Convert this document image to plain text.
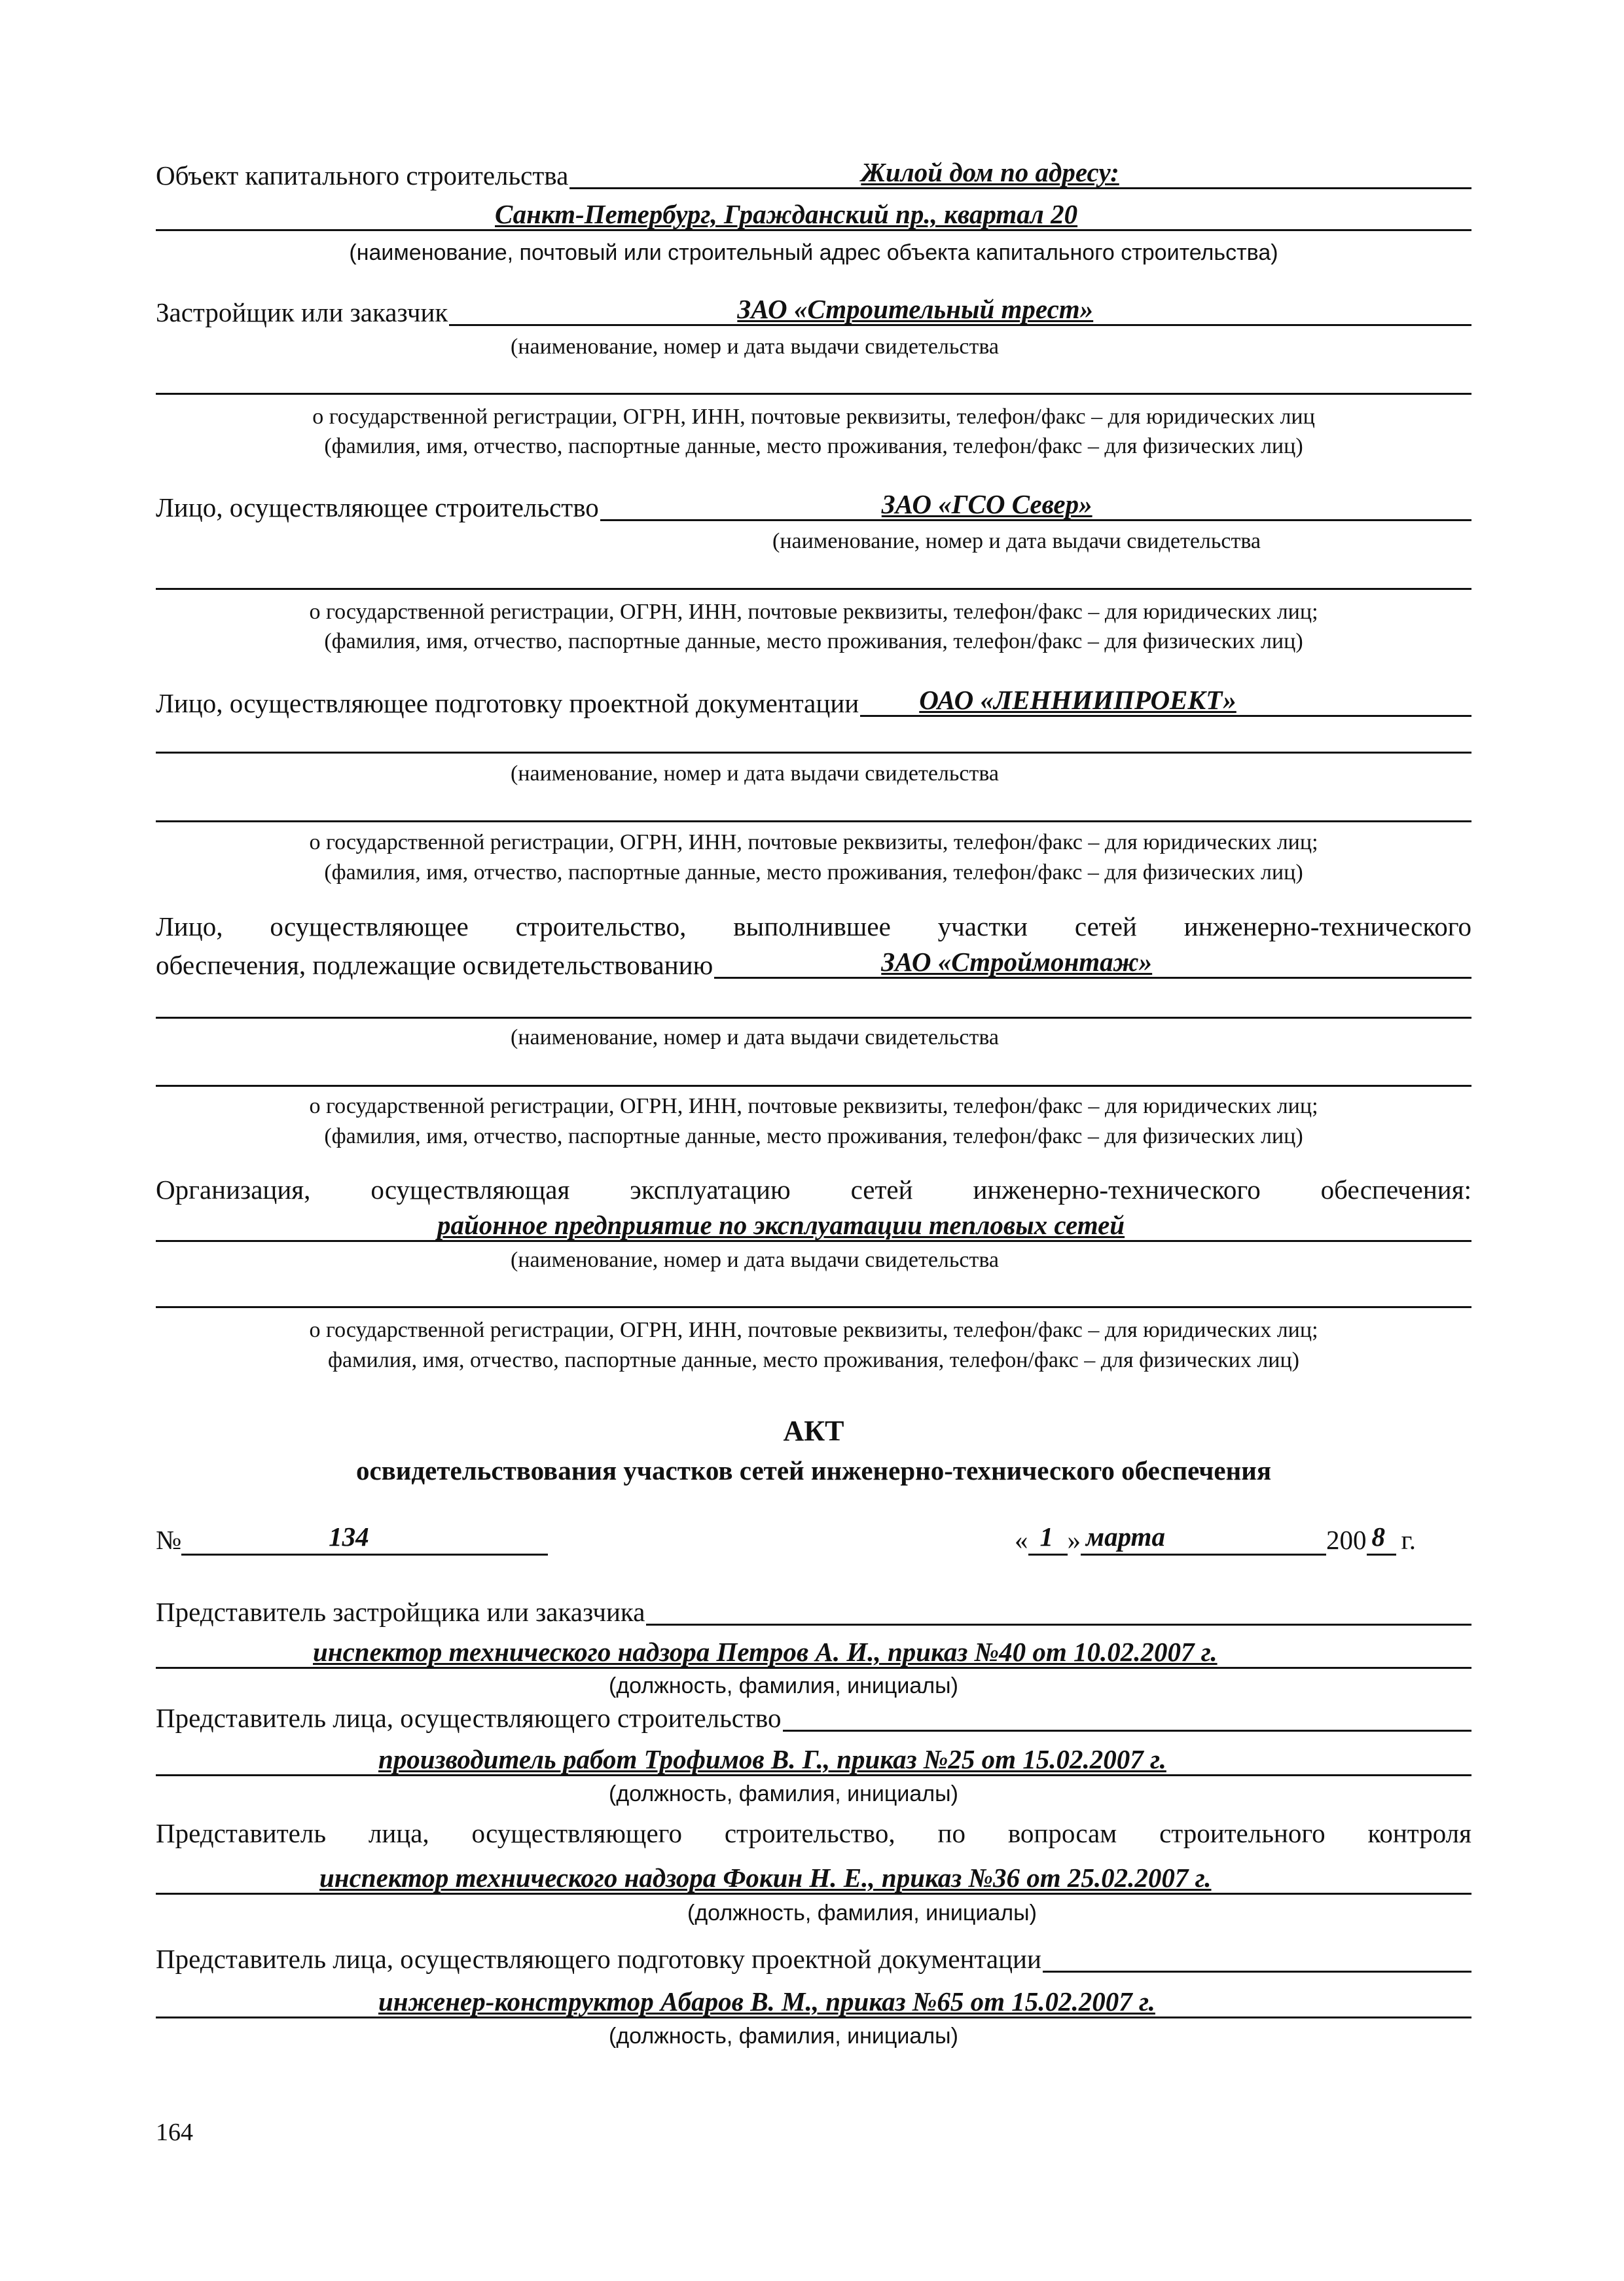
Объект капитального строительства	Жилой дом по адресу:
Санкт-Петербург, Гражданский пр., квартал 20
(наименование, почтовый или строительный адрес объекта капитального строительства)
Застройщик или заказчик	ЗАО «Строительный трест»
(наименование, номер и дата выдачи свидетельства
о государственной регистрации, ОГРН, ИНН, почтовые реквизиты, телефон/факс – для юридических лиц
(фамилия, имя, отчество, паспортные данные, место проживания, телефон/факс – для физических лиц)
Лицо, осуществляющее строительство	ЗАО «ГСО Север»
(наименование, номер и дата выдачи свидетельства
о государственной регистрации, ОГРН, ИНН, почтовые реквизиты, телефон/факс – для юридических лиц;
(фамилия, имя, отчество, паспортные данные, место проживания, телефон/факс – для физических лиц)
Лицо, осуществляющее подготовку проектной документации ОАО «ЛЕННИИПРОЕКТ»
(наименование, номер и дата выдачи свидетельства
о государственной регистрации, ОГРН, ИНН, почтовые реквизиты, телефон/факс – для юридических лиц;
(фамилия, имя, отчество, паспортные данные, место проживания, телефон/факс – для физических лиц)
Лицо, осуществляющее строительство, выполнившее участки сетей инженерно-технического
обеспечения, подлежащие освидетельствованию	ЗАО «Строймонтаж»
(наименование, номер и дата выдачи свидетельства
о государственной регистрации, ОГРН, ИНН, почтовые реквизиты, телефон/факс – для юридических лиц;
(фамилия, имя, отчество, паспортные данные, место проживания, телефон/факс – для физических лиц)
Организация, осуществляющая эксплуатацию сетей инженерно-технического обеспечения:
районное предприятие по эксплуатации тепловых сетей
(наименование, номер и дата выдачи свидетельства
о государственной регистрации, ОГРН, ИНН, почтовые реквизиты, телефон/факс – для юридических лиц;
фамилия, имя, отчество, паспортные данные, место проживания, телефон/факс – для физических лиц)
АКТ
освидетельствования участков сетей инженерно-технического обеспечения
№	134	« 1 » марта	200 8 г.
Представитель застройщика или заказчика
инспектор технического надзора Петров А. И., приказ №40 от 10.02.2007 г.
(должность, фамилия, инициалы)
Представитель лица, осуществляющего строительство
производитель работ Трофимов В. Г., приказ №25 от 15.02.2007 г.
(должность, фамилия, инициалы)
Представитель лица, осуществляющего строительство, по вопросам строительного контроля
инспектор технического надзора Фокин Н. Е., приказ №36 от 25.02.2007 г.
(должность, фамилия, инициалы)
Представитель лица, осуществляющего подготовку проектной документации
инженер-конструктор Абаров В. М., приказ №65 от 15.02.2007 г.
(должность, фамилия, инициалы)
164
